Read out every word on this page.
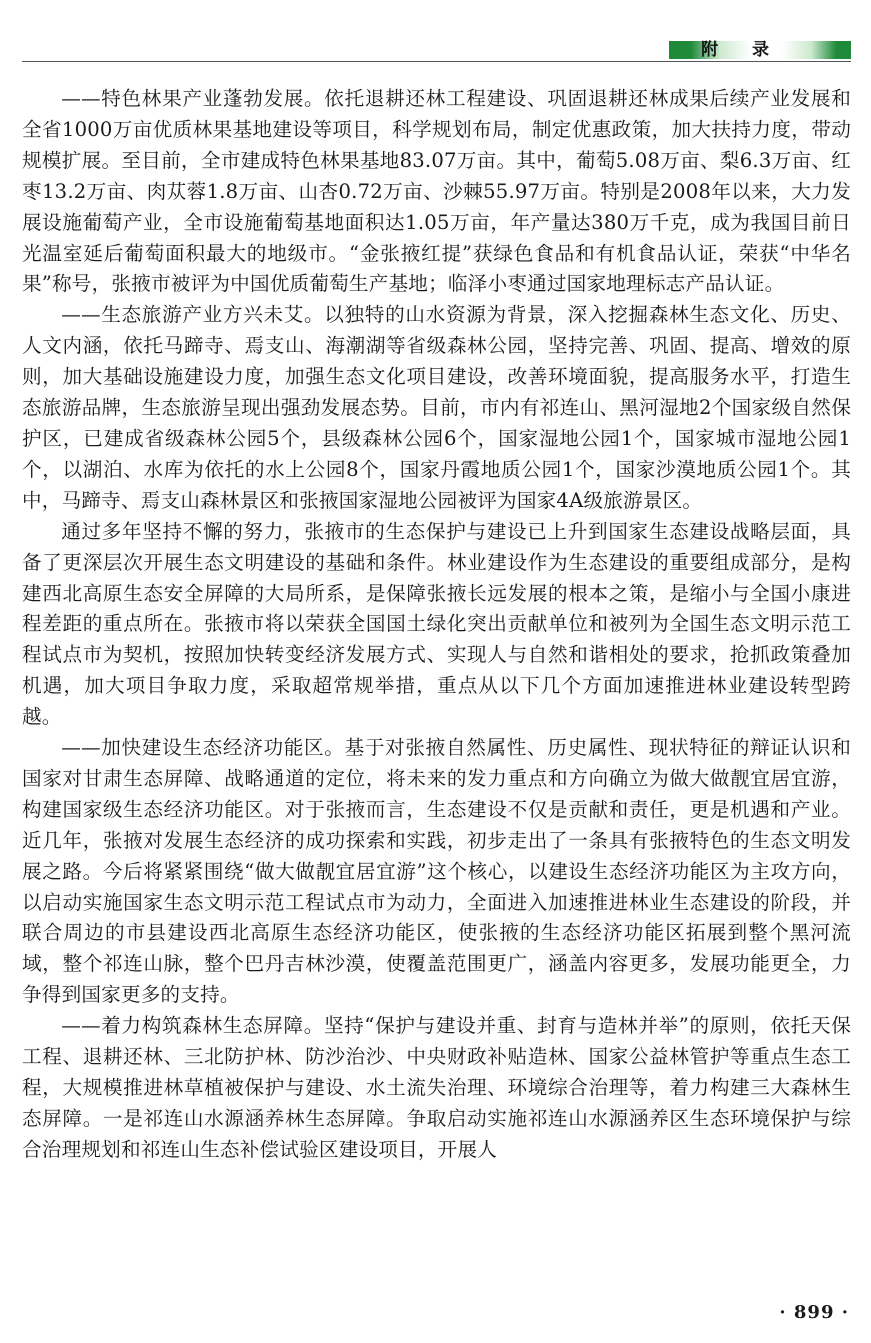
附 录

——特色林果产业蓬勃发展。依托退耕还林工程建设、巩固退耕还林成果后续产业发展和全省1000万亩优质林果基地建设等项目，科学规划布局，制定优惠政策，加大扶持力度，带动规模扩展。至目前，全市建成特色林果基地83.07万亩。其中，葡萄5.08万亩、梨6.3万亩、红枣13.2万亩、肉苁蓉1.8万亩、山杏0.72万亩、沙棘55.97万亩。特别是2008年以来，大力发展设施葡萄产业，全市设施葡萄基地面积达1.05万亩，年产量达380万千克，成为我国目前日光温室延后葡萄面积最大的地级市。“金张掖红提”获绿色食品和有机食品认证，荣获“中华名果”称号，张掖市被评为中国优质葡萄生产基地；临泽小枣通过国家地理标志产品认证。

——生态旅游产业方兴未艾。以独特的山水资源为背景，深入挖掘森林生态文化、历史、人文内涵，依托马蹄寺、焉支山、海潮湖等省级森林公园，坚持完善、巩固、提高、增效的原则，加大基础设施建设力度，加强生态文化项目建设，改善环境面貌，提高服务水平，打造生态旅游品牌，生态旅游呈现出强劲发展态势。目前，市内有祁连山、黑河湿地2个国家级自然保护区，已建成省级森林公园5个，县级森林公园6个，国家湿地公园1个，国家城市湿地公园1个，以湖泊、水库为依托的水上公园8个，国家丹霞地质公园1个，国家沙漠地质公园1个。其中，马蹄寺、焉支山森林景区和张掖国家湿地公园被评为国家4A级旅游景区。

通过多年坚持不懈的努力，张掖市的生态保护与建设已上升到国家生态建设战略层面，具备了更深层次开展生态文明建设的基础和条件。林业建设作为生态建设的重要组成部分，是构建西北高原生态安全屏障的大局所系，是保障张掖长远发展的根本之策，是缩小与全国小康进程差距的重点所在。张掖市将以荣获全国国土绿化突出贡献单位和被列为全国生态文明示范工程试点市为契机，按照加快转变经济发展方式、实现人与自然和谐相处的要求，抢抓政策叠加机遇，加大项目争取力度，采取超常规举措，重点从以下几个方面加速推进林业建设转型跨越。

——加快建设生态经济功能区。基于对张掖自然属性、历史属性、现状特征的辩证认识和国家对甘肃生态屏障、战略通道的定位，将未来的发力重点和方向确立为做大做靓宜居宜游，构建国家级生态经济功能区。对于张掖而言，生态建设不仅是贡献和责任，更是机遇和产业。近几年，张掖对发展生态经济的成功探索和实践，初步走出了一条具有张掖特色的生态文明发展之路。今后将紧紧围绕“做大做靓宜居宜游”这个核心，以建设生态经济功能区为主攻方向，以启动实施国家生态文明示范工程试点市为动力，全面进入加速推进林业生态建设的阶段，并联合周边的市县建设西北高原生态经济功能区，使张掖的生态经济功能区拓展到整个黑河流域，整个祁连山脉，整个巴丹吉林沙漠，使覆盖范围更广，涵盖内容更多，发展功能更全，力争得到国家更多的支持。

——着力构筑森林生态屏障。坚持“保护与建设并重、封育与造林并举”的原则，依托天保工程、退耕还林、三北防护林、防沙治沙、中央财政补贴造林、国家公益林管护等重点生态工程，大规模推进林草植被保护与建设、水土流失治理、环境综合治理等，着力构建三大森林生态屏障。一是祁连山水源涵养林生态屏障。争取启动实施祁连山水源涵养区生态环境保护与综合治理规划和祁连山生态补偿试验区建设项目，开展人

· 899 ·
